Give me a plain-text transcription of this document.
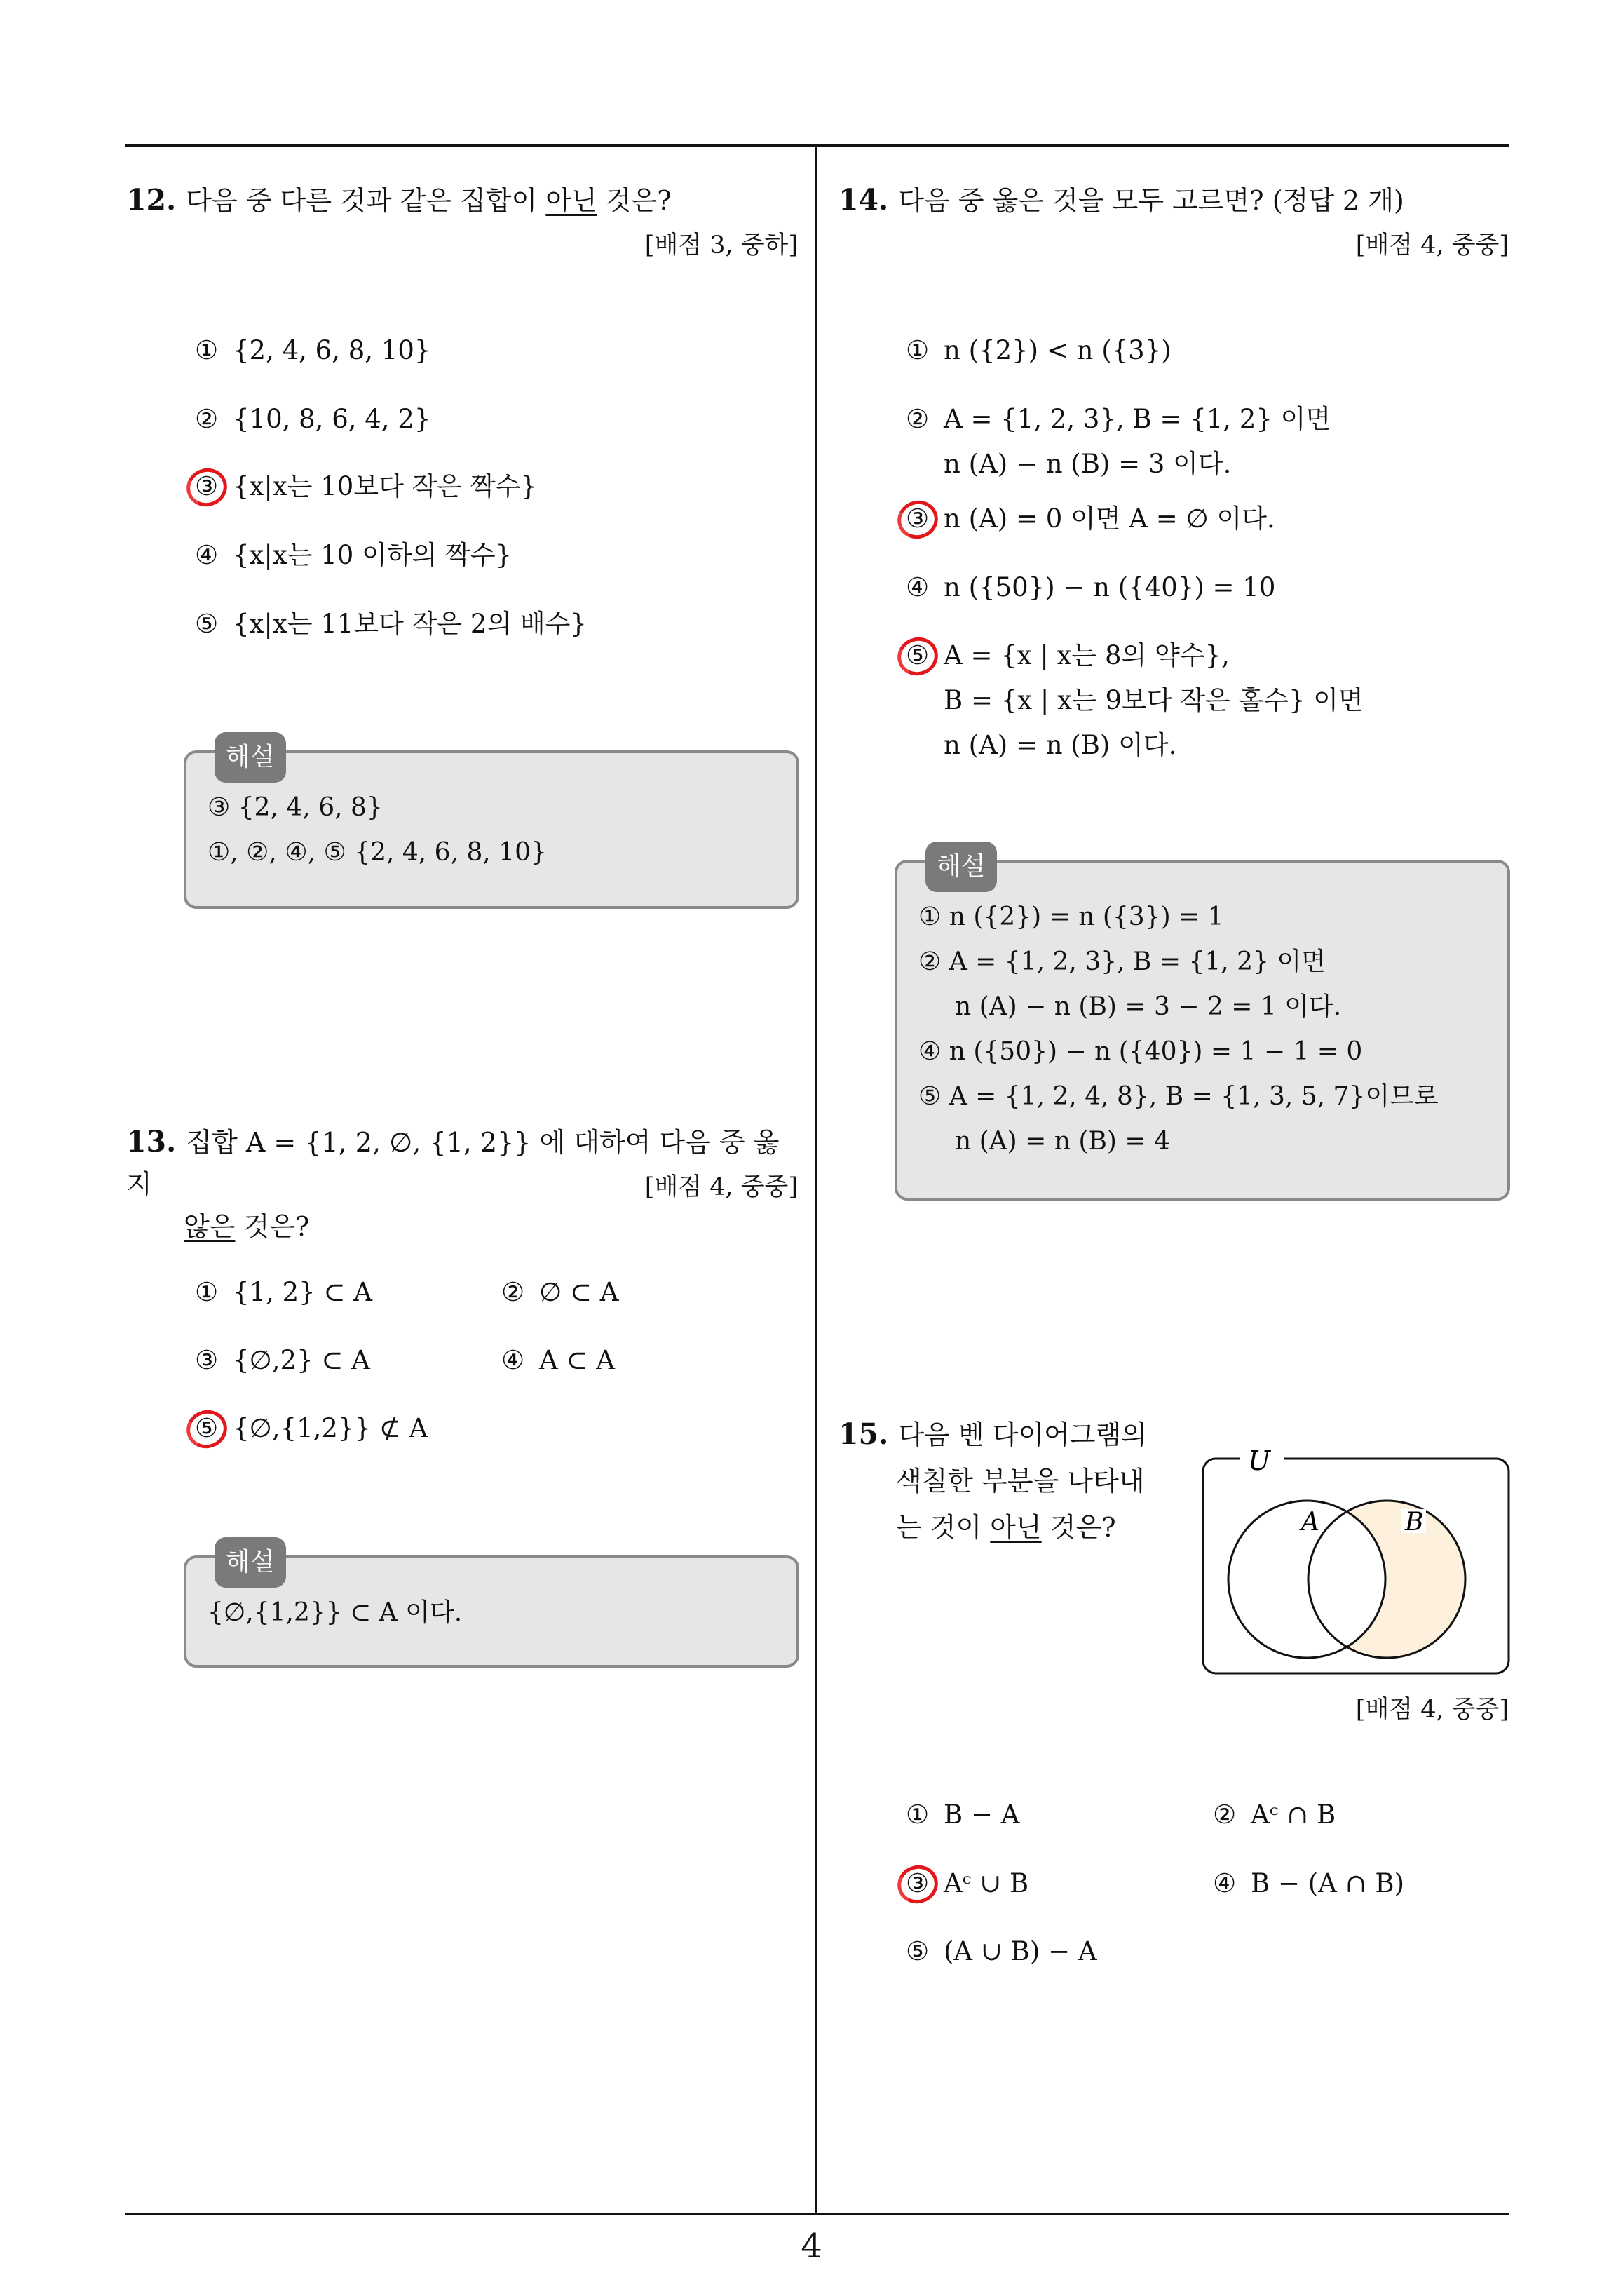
4
12. 다음 중 다른 것과 같은 집합이 아닌 것은?
[배점 3, 중하]
① {2, 4, 6, 8, 10}
② {10, 8, 6, 4, 2}
③ {x|x는 10보다 작은 짝수}
④ {x|x는 10 이하의 짝수}
⑤ {x|x는 11보다 작은 2의 배수}
해설
③ {2, 4, 6, 8}
①, ②, ④, ⑤ {2, 4, 6, 8, 10}
13. 집합 A = {1, 2, ∅, {1, 2}} 에 대하여 다음 중 옳지
않은 것은?
[배점 4, 중중]
① {1, 2} ⊂ A	② ∅ ⊂ A
③ {∅,2} ⊂ A	④ A ⊂ A
⑤ {∅,{1,2}} ⊄ A
해설
{∅,{1,2}} ⊂ A 이다.
14. 다음 중 옳은 것을 모두 고르면? (정답 2 개)
[배점 4, 중중]
① n ({2}) < n ({3})
② A = {1, 2, 3}, B = {1, 2} 이면
n (A) − n (B) = 3 이다.
③ n (A) = 0 이면 A = ∅ 이다.
④ n ({50}) − n ({40}) = 10
⑤ A = {x | x는 8의 약수},
B = {x | x는 9보다 작은 홀수} 이면
n (A) = n (B) 이다.
해설
① n ({2}) = n ({3}) = 1
② A = {1, 2, 3}, B = {1, 2} 이면
n (A) − n (B) = 3 − 2 = 1 이다.
④ n ({50}) − n ({40}) = 1 − 1 = 0
⑤ A = {1, 2, 4, 8}, B = {1, 3, 5, 7}이므로
n (A) = n (B) = 4
15. 다음 벤 다이어그램의
색칠한 부분을 나타내
는 것이 아닌 것은?
U
A	B
[배점 4, 중중]
① B − A	② Aᶜ ∩ B
③ Aᶜ ∪ B	④ B − (A ∩ B)
⑤ (A ∪ B) − A
